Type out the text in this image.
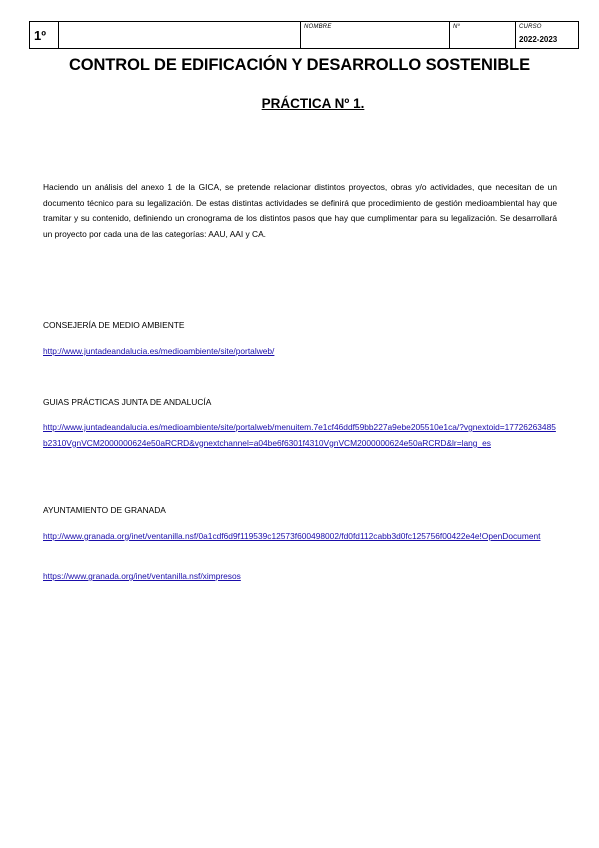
1º
NOMBRE	Nº	CURSO
2022-2023
CONTROL DE EDIFICACIÓN Y DESARROLLO SOSTENIBLE
PRÁCTICA Nº 1.
Haciendo un análisis del anexo 1 de la GICA, se pretende relacionar distintos proyectos, obras y/o actividades, que necesitan de un documento técnico para su legalización. De estas distintas actividades se definirá que procedimiento de gestión medioambiental hay que tramitar y su contenido, definiendo un cronograma de los distintos pasos que hay que cumplimentar para su legalización. Se desarrollará un proyecto por cada una de las categorías: AAU, AAI y CA.
CONSEJERÍA DE MEDIO AMBIENTE
http://www.juntadeandalucia.es/medioambiente/site/portalweb/
GUIAS PRÁCTICAS JUNTA DE ANDALUCÍA
http://www.juntadeandalucia.es/medioambiente/site/portalweb/menuitem.7e1cf46ddf59bb227a9ebe205510e1ca/?vgnextoid=17726263485b2310VgnVCM2000000624e50aRCRD&vgnextchannel=a04be6f6301f4310VgnVCM2000000624e50aRCRD&lr=lang_es
AYUNTAMIENTO DE GRANADA
http://www.granada.org/inet/ventanilla.nsf/0a1cdf6d9f119539c12573f600498002/fd0fd112cabb3d0fc125756f00422e4e!OpenDocument
https://www.granada.org/inet/ventanilla.nsf/ximpresos
